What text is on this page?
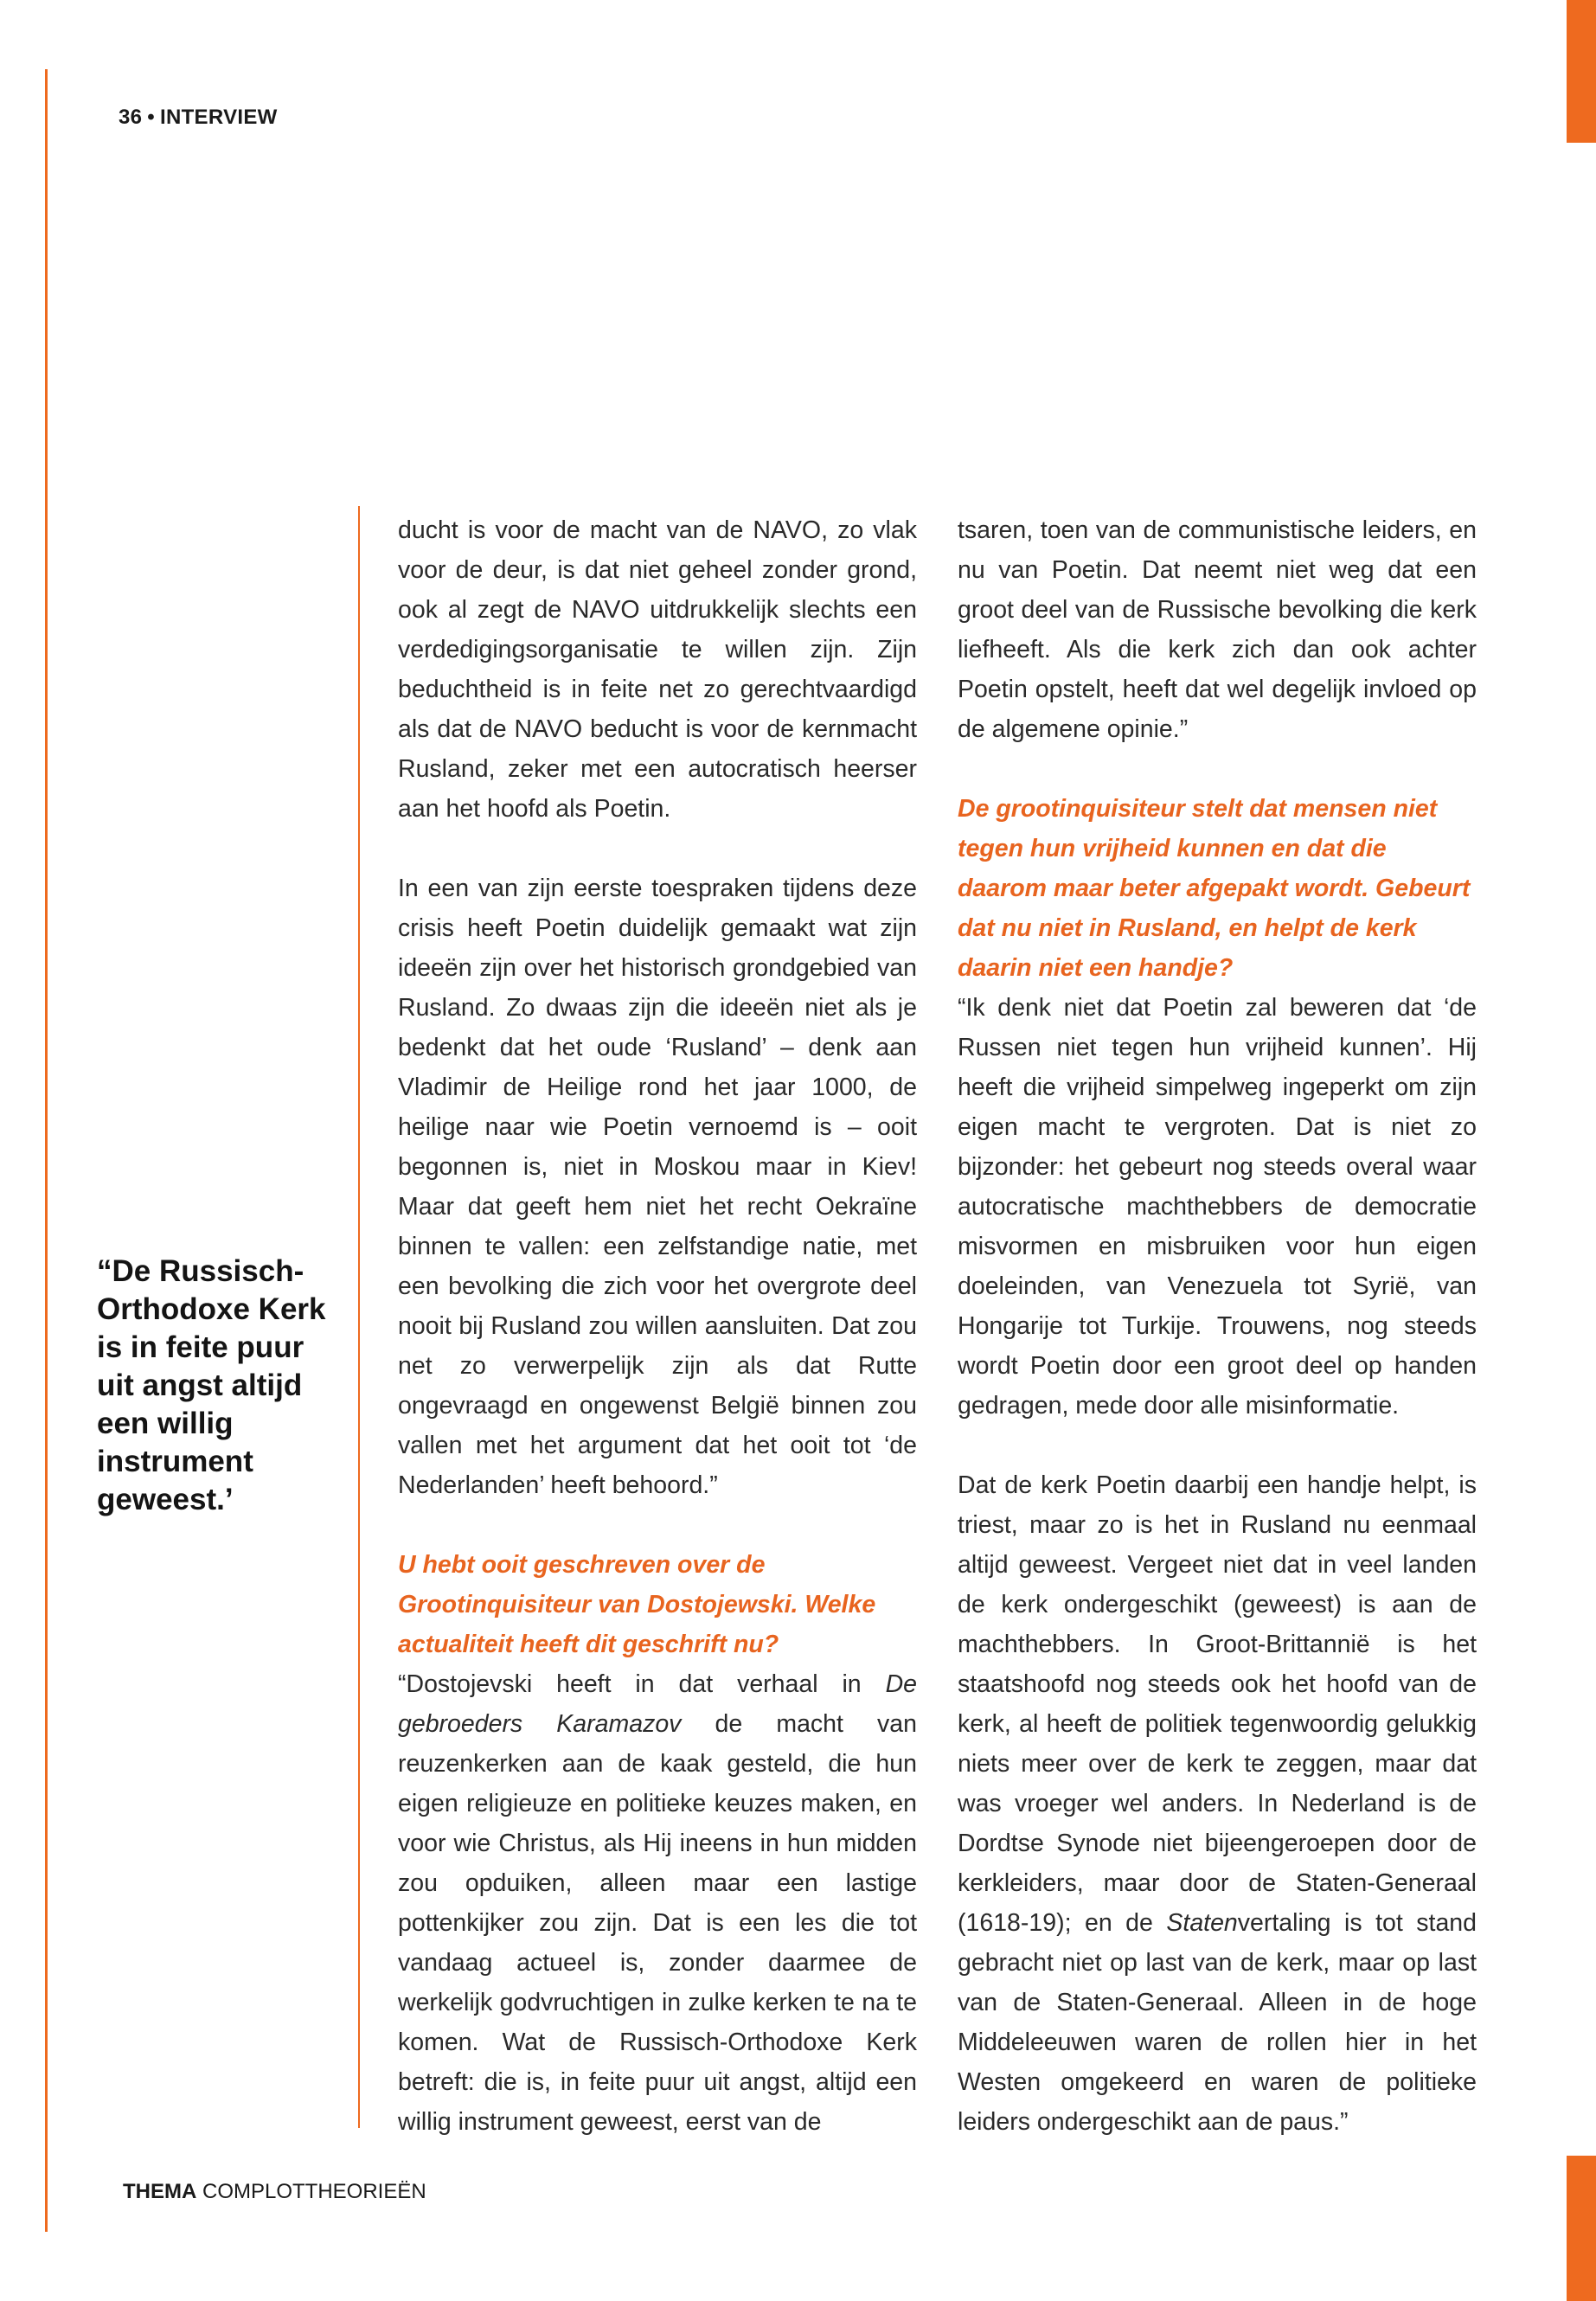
36 • INTERVIEW
“De Russisch-Orthodoxe Kerk is in feite puur uit angst altijd een willig instrument geweest.’

ducht is voor de macht van de NAVO, zo vlak voor de deur, is dat niet geheel zonder grond, ook al zegt de NAVO uitdrukkelijk slechts een verdedigingsorganisatie te willen zijn. Zijn beduchtheid is in feite net zo gerechtvaardigd als dat de NAVO beducht is voor de kernmacht Rusland, zeker met een autocratisch heerser aan het hoofd als Poetin.

In een van zijn eerste toespraken tijdens deze crisis heeft Poetin duidelijk gemaakt wat zijn ideeën zijn over het historisch grondgebied van Rusland. Zo dwaas zijn die ideeën niet als je bedenkt dat het oude ‘Rusland’ – denk aan Vladimir de Heilige rond het jaar 1000, de heilige naar wie Poetin vernoemd is – ooit begonnen is, niet in Moskou maar in Kiev! Maar dat geeft hem niet het recht Oekraïne binnen te vallen: een zelfstandige natie, met een bevolking die zich voor het overgrote deel nooit bij Rusland zou willen aansluiten. Dat zou net zo verwerpelijk zijn als dat Rutte ongevraagd en ongewenst België binnen zou vallen met het argument dat het ooit tot ‘de Nederlanden’ heeft behoord.”

U hebt ooit geschreven over de Grootinquisiteur van Dostojewski. Welke actualiteit heeft dit geschrift nu?

“Dostojevski heeft in dat verhaal in De gebroeders Karamazov de macht van reuzenkerken aan de kaak gesteld, die hun eigen religieuze en politieke keuzes maken, en voor wie Christus, als Hij ineens in hun midden zou opduiken, alleen maar een lastige pottenkijker zou zijn. Dat is een les die tot vandaag actueel is, zonder daarmee de werkelijk godvruchtigen in zulke kerken te na te komen. Wat de Russisch-Orthodoxe Kerk betreft: die is, in feite puur uit angst, altijd een willig instrument geweest, eerst van de

tsaren, toen van de communistische leiders, en nu van Poetin. Dat neemt niet weg dat een groot deel van de Russische bevolking die kerk liefheeft. Als die kerk zich dan ook achter Poetin opstelt, heeft dat wel degelijk invloed op de algemene opinie.”

De grootinquisiteur stelt dat mensen niet tegen hun vrijheid kunnen en dat die daarom maar beter afgepakt wordt. Gebeurt dat nu niet in Rusland, en helpt de kerk daarin niet een handje?

“Ik denk niet dat Poetin zal beweren dat ‘de Russen niet tegen hun vrijheid kunnen’. Hij heeft die vrijheid simpelweg ingeperkt om zijn eigen macht te vergroten. Dat is niet zo bijzonder: het gebeurt nog steeds overal waar autocratische machthebbers de democratie misvormen en misbruiken voor hun eigen doeleinden, van Venezuela tot Syrië, van Hongarije tot Turkije. Trouwens, nog steeds wordt Poetin door een groot deel op handen gedragen, mede door alle misinformatie.

Dat de kerk Poetin daarbij een handje helpt, is triest, maar zo is het in Rusland nu eenmaal altijd geweest. Vergeet niet dat in veel landen de kerk ondergeschikt (geweest) is aan de machthebbers. In Groot-Brittannië is het staatshoofd nog steeds ook het hoofd van de kerk, al heeft de politiek tegenwoordig gelukkig niets meer over de kerk te zeggen, maar dat was vroeger wel anders. In Nederland is de Dordtse Synode niet bijeengeroepen door de kerkleiders, maar door de Staten-Generaal (1618-19); en de Statenvertaling is tot stand gebracht niet op last van de kerk, maar op last van de Staten-Generaal. Alleen in de hoge Middeleeuwen waren de rollen hier in het Westen omgekeerd en waren de politieke leiders ondergeschikt aan de paus.”

THEMA COMPLOTTHEORIEËN
